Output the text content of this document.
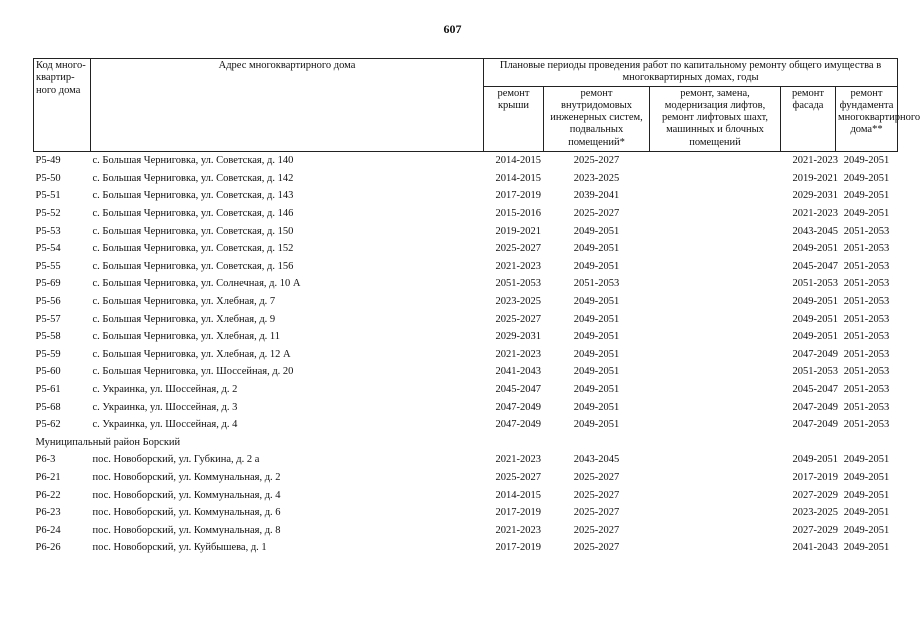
607
Код много-квартир-ного дома	Адрес многоквартирного дома	Плановые периоды проведения работ по капитальному ремонту общего имущества в многоквартирных домах, годы				
		ремонт крыши	ремонт внутридомовых инженерных систем, подвальных помещений*	ремонт, замена, модернизация лифтов, ремонт лифтовых шахт, машинных и блочных помещений	ремонт фасада	ремонт фундамента многоквартирного дома**
Р5-49	с. Большая Черниговка, ул. Советская, д. 140	2014-2015	2025-2027		2021-2023	2049-2051
Р5-50	с. Большая Черниговка, ул. Советская, д. 142	2014-2015	2023-2025		2019-2021	2049-2051
Р5-51	с. Большая Черниговка, ул. Советская, д. 143	2017-2019	2039-2041		2029-2031	2049-2051
Р5-52	с. Большая Черниговка, ул. Советская, д. 146	2015-2016	2025-2027		2021-2023	2049-2051
Р5-53	с. Большая Черниговка, ул. Советская, д. 150	2019-2021	2049-2051		2043-2045	2051-2053
Р5-54	с. Большая Черниговка, ул. Советская, д. 152	2025-2027	2049-2051		2049-2051	2051-2053
Р5-55	с. Большая Черниговка, ул. Советская, д. 156	2021-2023	2049-2051		2045-2047	2051-2053
Р5-69	с. Большая Черниговка, ул. Солнечная, д. 10 А	2051-2053	2051-2053		2051-2053	2051-2053
Р5-56	с. Большая Черниговка, ул. Хлебная, д. 7	2023-2025	2049-2051		2049-2051	2051-2053
Р5-57	с. Большая Черниговка, ул. Хлебная, д. 9	2025-2027	2049-2051		2049-2051	2051-2053
Р5-58	с. Большая Черниговка, ул. Хлебная, д. 11	2029-2031	2049-2051		2049-2051	2051-2053
Р5-59	с. Большая Черниговка, ул. Хлебная, д. 12 А	2021-2023	2049-2051		2047-2049	2051-2053
Р5-60	с. Большая Черниговка, ул. Шоссейная, д. 20	2041-2043	2049-2051		2051-2053	2051-2053
Р5-61	с. Украинка, ул. Шоссейная, д. 2	2045-2047	2049-2051		2045-2047	2051-2053
Р5-68	с. Украинка, ул. Шоссейная, д. 3	2047-2049	2049-2051		2047-2049	2051-2053
Р5-62	с. Украинка, ул. Шоссейная, д. 4	2047-2049	2049-2051		2047-2049	2051-2053
Муниципальный район Борский						
Р6-3	пос. Новоборский, ул. Губкина, д. 2 а	2021-2023	2043-2045		2049-2051	2049-2051
Р6-21	пос. Новоборский, ул. Коммунальная, д. 2	2025-2027	2025-2027		2017-2019	2049-2051
Р6-22	пос. Новоборский, ул. Коммунальная, д. 4	2014-2015	2025-2027		2027-2029	2049-2051
Р6-23	пос. Новоборский, ул. Коммунальная, д. 6	2017-2019	2025-2027		2023-2025	2049-2051
Р6-24	пос. Новоборский, ул. Коммунальная, д. 8	2021-2023	2025-2027		2027-2029	2049-2051
Р6-26	пос. Новоборский, ул. Куйбышева, д. 1	2017-2019	2025-2027		2041-2043	2049-2051
